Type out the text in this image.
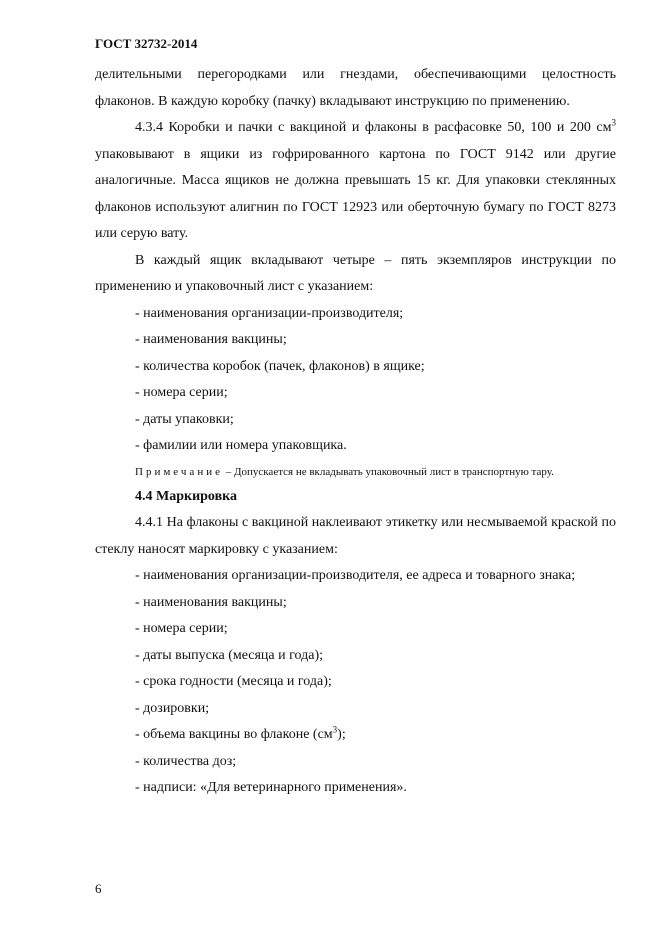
ГОСТ 32732-2014

делительными перегородками или гнездами, обеспечивающими целостность флаконов. В каждую коробку (пачку) вкладывают инструкцию по применению.

4.3.4 Коробки и пачки с вакциной и флаконы в расфасовке 50, 100 и 200 $см^3$ упаковывают в ящики из гофрированного картона по ГОСТ 9142 или другие аналогичные. Масса ящиков не должна превышать 15 кг. Для упаковки стеклянных флаконов используют алигнин по ГОСТ 12923 или оберточную бумагу по ГОСТ 8273 или серую вату.

В каждый ящик вкладывают четыре – пять экземпляров инструкции по применению и упаковочный лист с указанием:

- наименования организации-производителя;

- наименования вакцины;

- количества коробок (пачек, флаконов) в ящике;

- номера серии;

- даты упаковки;

- фамилии или номера упаковщика.

Примечание – Допускается не вкладывать упаковочный лист в транспортную тару.

4.4 Маркировка

4.4.1 На флаконы с вакциной наклеивают этикетку или несмываемой краской по стеклу наносят маркировку с указанием:

- наименования организации-производителя, ее адреса и товарного знака;

- наименования вакцины;

- номера серии;

- даты выпуска (месяца и года);

- срока годности (месяца и года);

- дозировки;

- объема вакцины во флаконе $(см^3)$;

- количества доз;

- надписи: «Для ветеринарного применения».

6
